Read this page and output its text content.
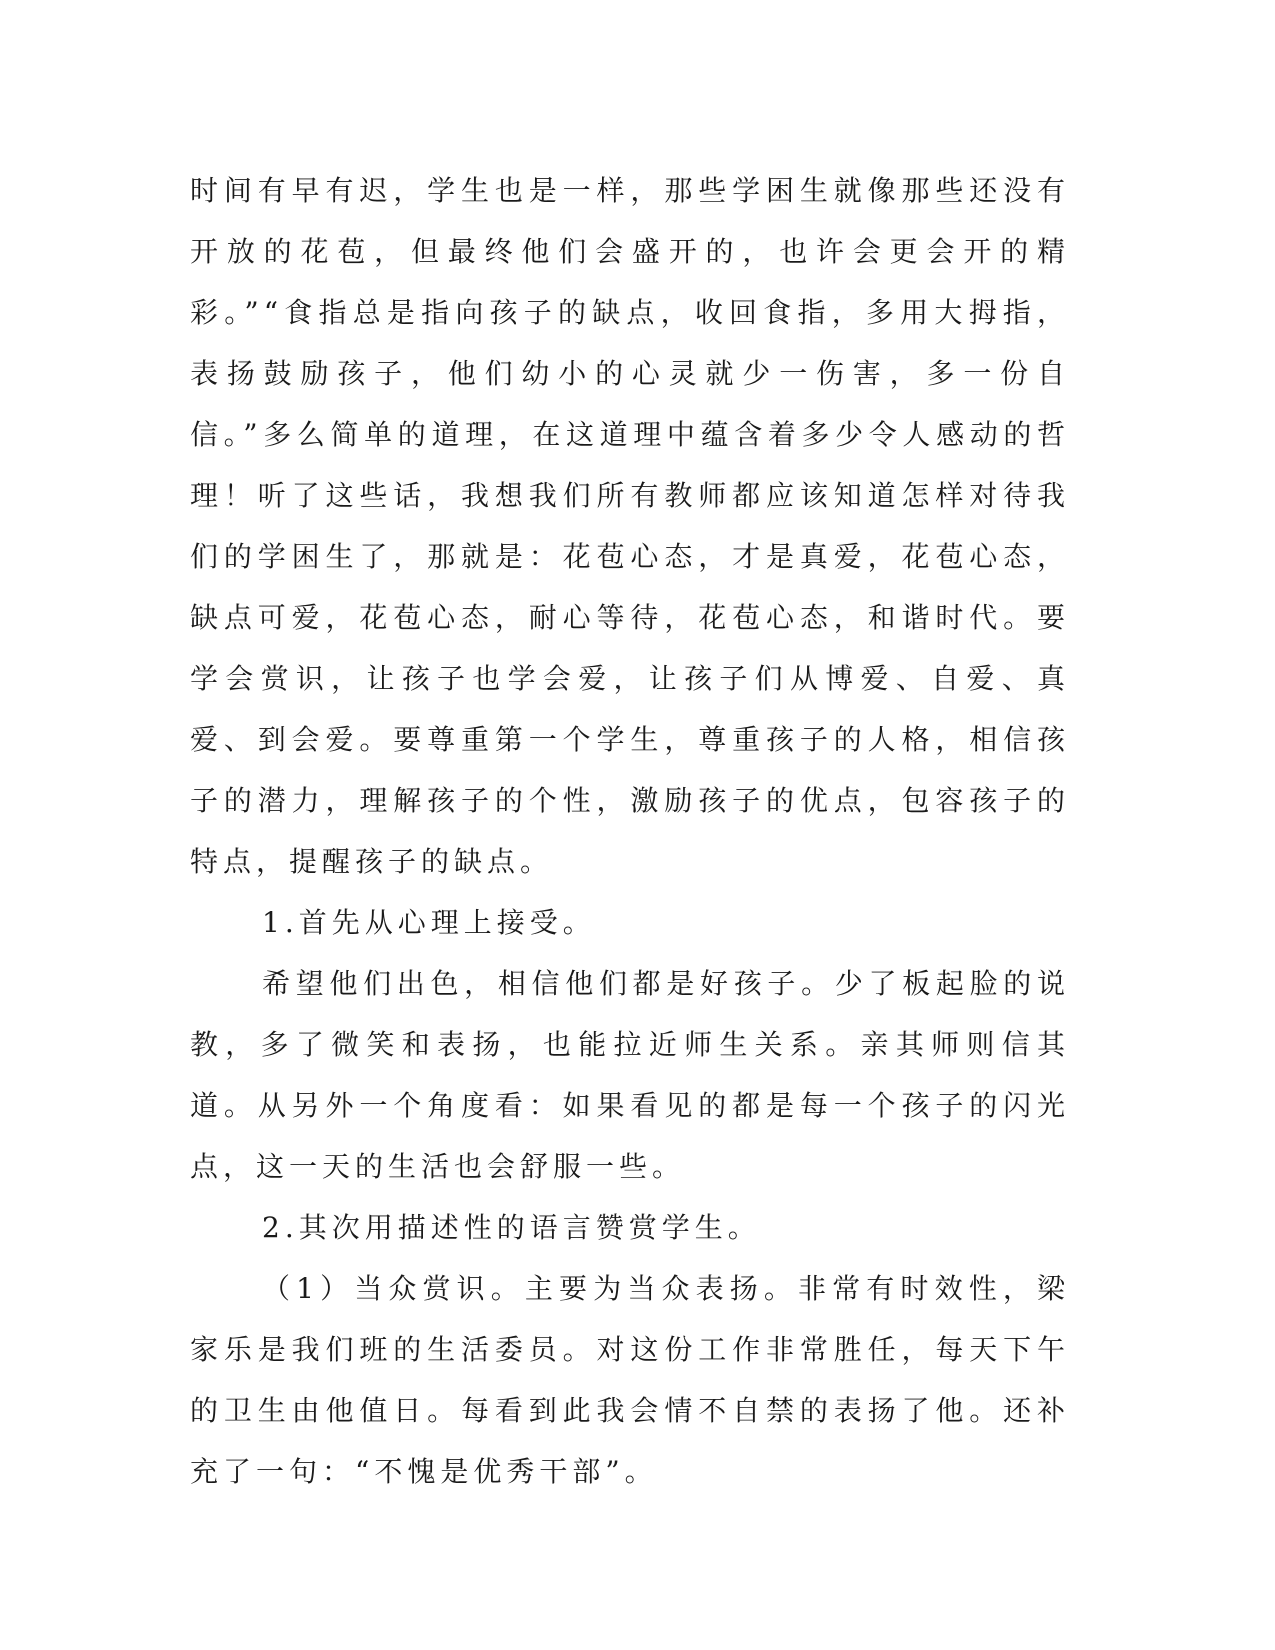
时间有早有迟，学生也是一样，那些学困生就像那些还没有开放的花苞，但最终他们会盛开的，也许会更会开的精彩。”“食指总是指向孩子的缺点，收回食指，多用大拇指，表扬鼓励孩子，他们幼小的心灵就少一伤害，多一份自信。”多么简单的道理，在这道理中蕴含着多少令人感动的哲理！听了这些话，我想我们所有教师都应该知道怎样对待我们的学困生了，那就是：花苞心态，才是真爱，花苞心态，缺点可爱，花苞心态，耐心等待，花苞心态，和谐时代。要学会赏识，让孩子也学会爱，让孩子们从博爱、自爱、真爱、到会爱。要尊重第一个学生，尊重孩子的人格，相信孩子的潜力，理解孩子的个性，激励孩子的优点，包容孩子的特点，提醒孩子的缺点。

1.首先从心理上接受。

希望他们出色，相信他们都是好孩子。少了板起脸的说教，多了微笑和表扬，也能拉近师生关系。亲其师则信其道。从另外一个角度看：如果看见的都是每一个孩子的闪光点，这一天的生活也会舒服一些。

2.其次用描述性的语言赞赏学生。

（1）当众赏识。主要为当众表扬。非常有时效性，梁家乐是我们班的生活委员。对这份工作非常胜任，每天下午的卫生由他值日。每看到此我会情不自禁的表扬了他。还补充了一句：“不愧是优秀干部”。
